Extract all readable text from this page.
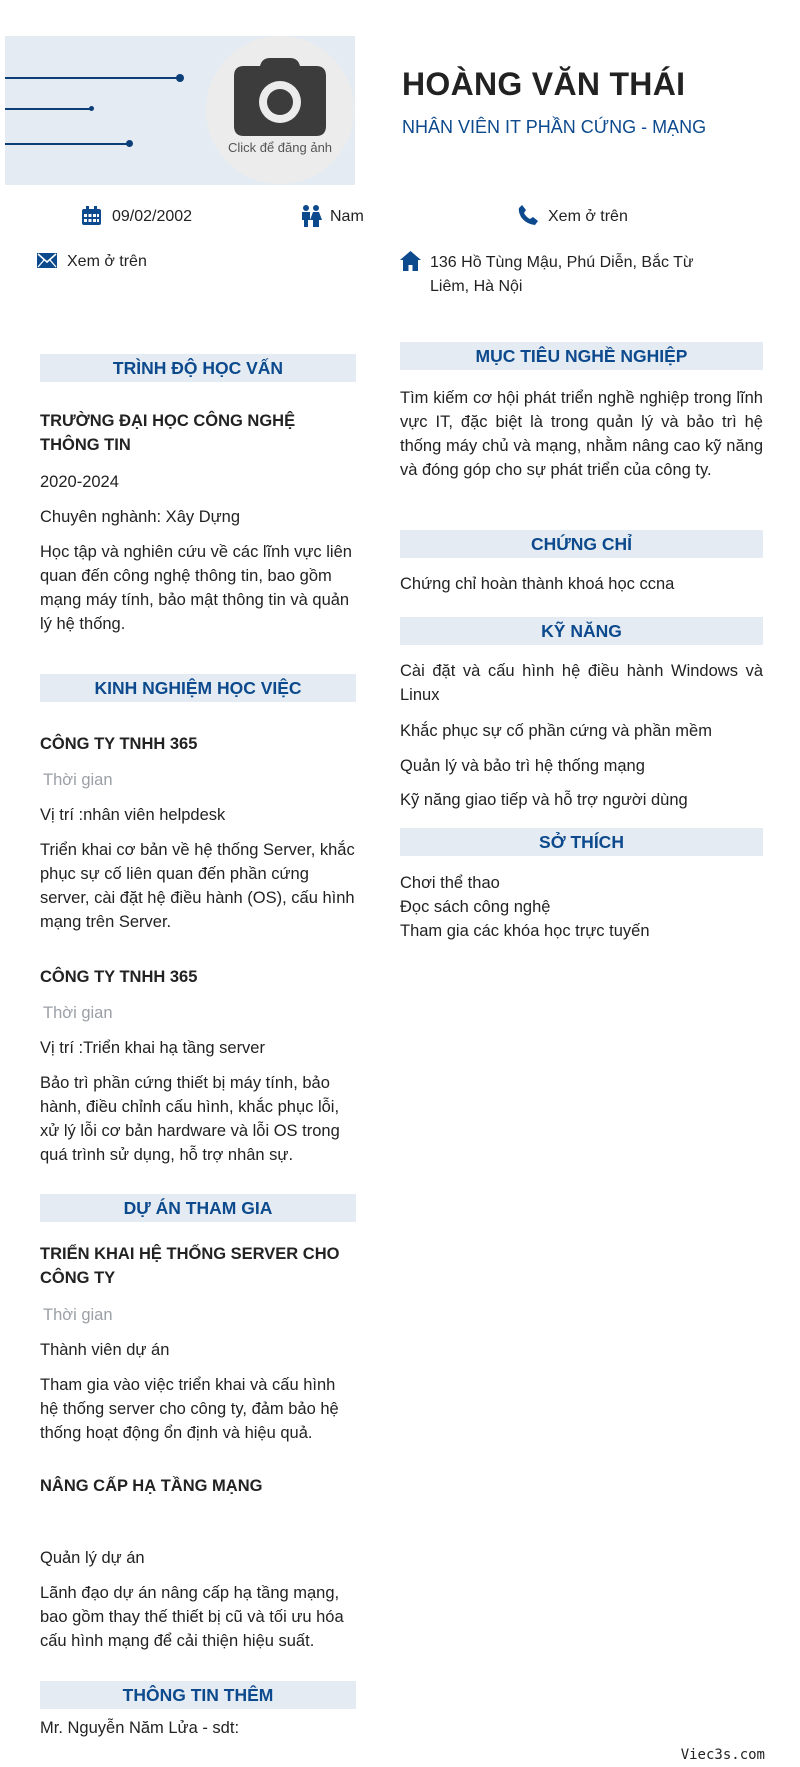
Click để đăng ảnh
HOÀNG VĂN THÁI
NHÂN VIÊN IT PHẦN CỨNG - MẠNG
09/02/2002	Nam	Xem ở trên
Xem ở trên	136 Hồ Tùng Mậu, Phú Diễn, Bắc Từ Liêm, Hà Nội
TRÌNH ĐỘ HỌC VẤN
TRƯỜNG ĐẠI HỌC CÔNG NGHỆ THÔNG TIN
2020-2024
Chuyên nghành: Xây Dựng
Học tập và nghiên cứu về các lĩnh vực liên quan đến công nghệ thông tin, bao gồm mạng máy tính, bảo mật thông tin và quản lý hệ thống.
KINH NGHIỆM HỌC VIỆC
CÔNG TY TNHH 365
Thời gian
Vị trí :nhân viên helpdesk
Triển khai cơ bản về hệ thống Server, khắc phục sự cố liên quan đến phần cứng server, cài đặt hệ điều hành (OS), cấu hình mạng trên Server.
CÔNG TY TNHH 365
Thời gian
Vị trí :Triển khai hạ tầng server
Bảo trì phần cứng thiết bị máy tính, bảo hành, điều chỉnh cấu hình, khắc phục lỗi, xử lý lỗi cơ bản hardware và lỗi OS trong quá trình sử dụng, hỗ trợ nhân sự.
DỰ ÁN THAM GIA
TRIỂN KHAI HỆ THỐNG SERVER CHO CÔNG TY
Thời gian
Thành viên dự án
Tham gia vào việc triển khai và cấu hình hệ thống server cho công ty, đảm bảo hệ thống hoạt động ổn định và hiệu quả.
NÂNG CẤP HẠ TẦNG MẠNG
Quản lý dự án
Lãnh đạo dự án nâng cấp hạ tầng mạng, bao gồm thay thế thiết bị cũ và tối ưu hóa cấu hình mạng để cải thiện hiệu suất.
THÔNG TIN THÊM
Mr. Nguyễn Năm Lửa - sdt:
MỤC TIÊU NGHỀ NGHIỆP
Tìm kiếm cơ hội phát triển nghề nghiệp trong lĩnh vực IT, đặc biệt là trong quản lý và bảo trì hệ thống máy chủ và mạng, nhằm nâng cao kỹ năng và đóng góp cho sự phát triển của công ty.
CHỨNG CHỈ
Chứng chỉ hoàn thành khoá học ccna
KỸ NĂNG
Cài đặt và cấu hình hệ điều hành Windows và Linux
Khắc phục sự cố phần cứng và phần mềm
Quản lý và bảo trì hệ thống mạng
Kỹ năng giao tiếp và hỗ trợ người dùng
SỞ THÍCH
Chơi thể thao
Đọc sách công nghệ
Tham gia các khóa học trực tuyến
Viec3s.com
